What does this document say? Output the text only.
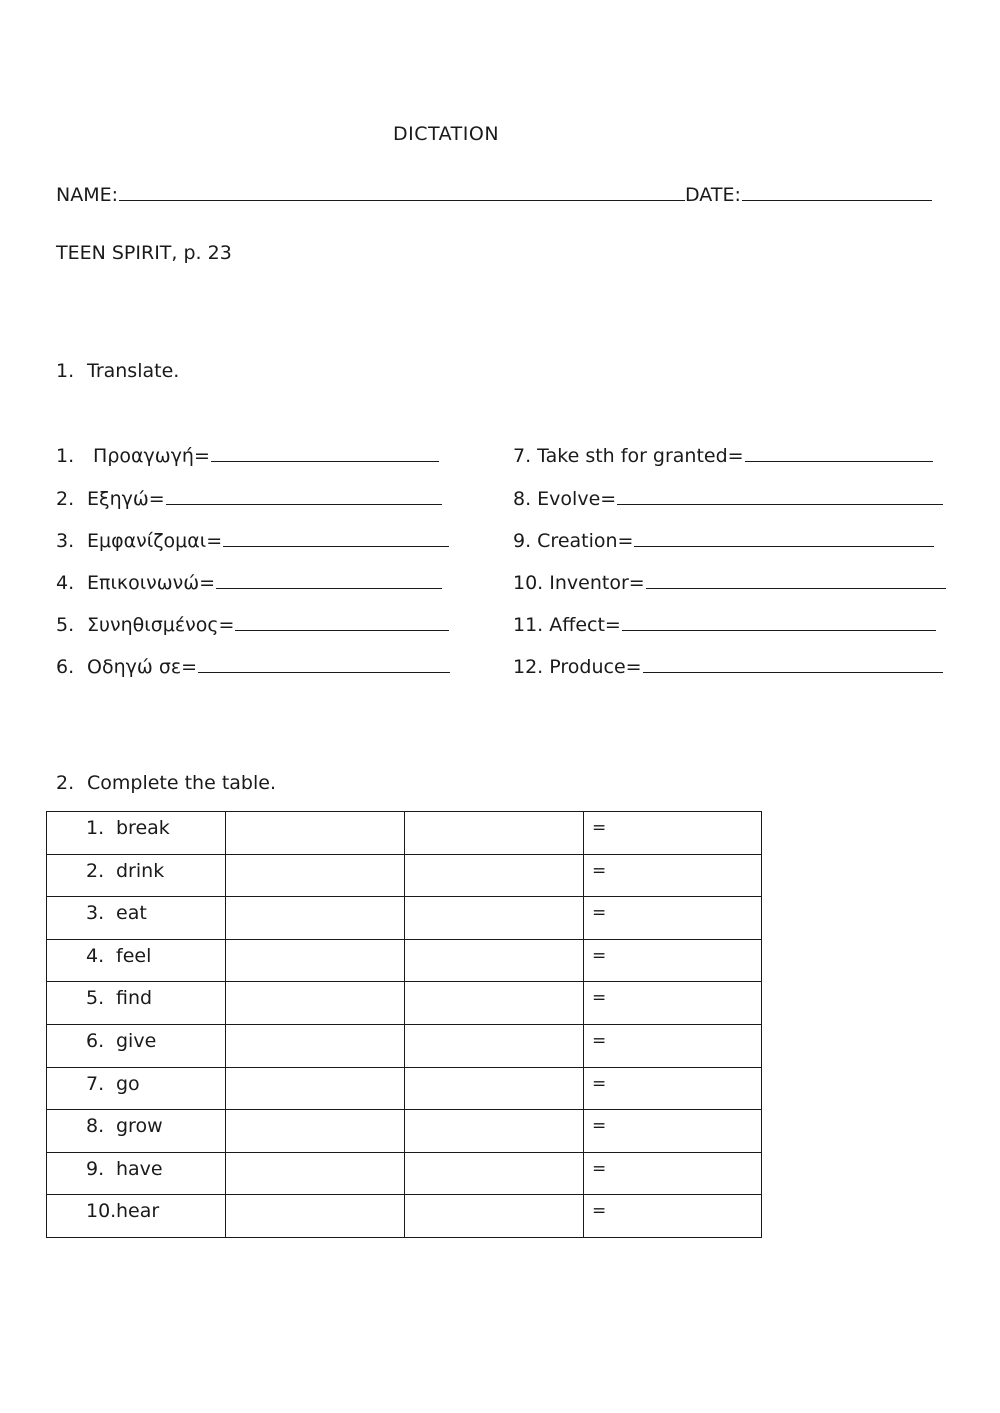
DICTATION
NAME:	DATE:
TEEN SPIRIT, p. 23
1. Translate.
1. Προαγωγή=
2. Εξηγώ=
3. Εμφανίζομαι=
4. Επικοινωνώ=
5. Συνηθισμένος=
6. Οδηγώ σε=
7. Take sth for granted=
8. Evolve=
9. Creation=
10. Inventor=
11. Affect=
12. Produce=
2. Complete the table.
1. break			=
2. drink			=
3. eat			=
4. feel			=
5. find			=
6. give			=
7. go			=
8. grow			=
9. have			=
10.hear			=
